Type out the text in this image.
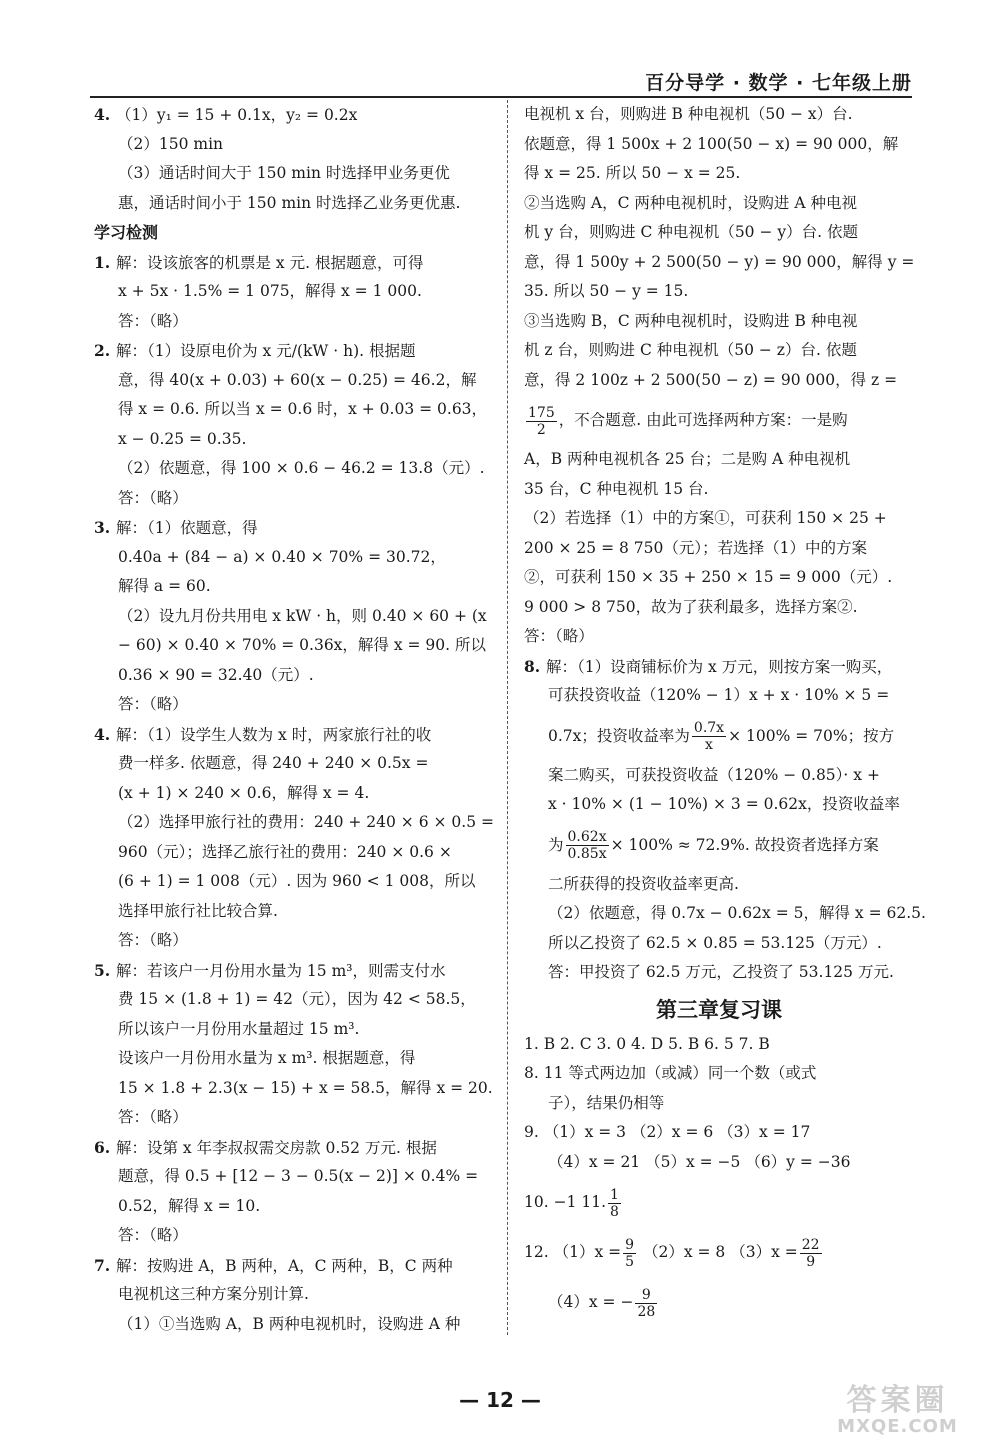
百分导学 · 数学 · 七年级上册
4. （1）y₁ = 15 + 0.1x，y₂ = 0.2x
（2）150 min
（3）通话时间大于 150 min 时选择甲业务更优
惠，通话时间小于 150 min 时选择乙业务更优惠.
学习检测
1. 解：设该旅客的机票是 x 元. 根据题意，可得
x + 5x · 1.5% = 1 075，解得 x = 1 000.
答：（略）
2. 解：（1）设原电价为 x 元/(kW · h). 根据题
意，得 40(x + 0.03) + 60(x − 0.25) = 46.2，解
得 x = 0.6. 所以当 x = 0.6 时，x + 0.03 = 0.63，
x − 0.25 = 0.35.
（2）依题意，得 100 × 0.6 − 46.2 = 13.8（元）.
答：（略）
3. 解：（1）依题意，得
0.40a + (84 − a) × 0.40 × 70% = 30.72，
解得 a = 60.
（2）设九月份共用电 x kW · h，则 0.40 × 60 + (x
− 60) × 0.40 × 70% = 0.36x，解得 x = 90. 所以
0.36 × 90 = 32.40（元）.
答：（略）
4. 解：（1）设学生人数为 x 时，两家旅行社的收
费一样多. 依题意，得 240 + 240 × 0.5x =
(x + 1) × 240 × 0.6，解得 x = 4.
（2）选择甲旅行社的费用：240 + 240 × 6 × 0.5 =
960（元）；选择乙旅行社的费用：240 × 0.6 ×
(6 + 1) = 1 008（元）. 因为 960 < 1 008，所以
选择甲旅行社比较合算.
答：（略）
5. 解：若该户一月份用水量为 15 m³，则需支付水
费 15 × (1.8 + 1) = 42（元），因为 42 < 58.5，
所以该户一月份用水量超过 15 m³.
设该户一月份用水量为 x m³. 根据题意，得
15 × 1.8 + 2.3(x − 15) + x = 58.5，解得 x = 20.
答：（略）
6. 解：设第 x 年李叔叔需交房款 0.52 万元. 根据
题意，得 0.5 + [12 − 3 − 0.5(x − 2)] × 0.4% =
0.52，解得 x = 10.
答：（略）
7. 解：按购进 A，B 两种，A，C 两种，B，C 两种
电视机这三种方案分别计算.
（1）①当选购 A，B 两种电视机时，设购进 A 种
电视机 x 台，则购进 B 种电视机（50 − x）台.
依题意，得 1 500x + 2 100(50 − x) = 90 000，解
得 x = 25. 所以 50 − x = 25.
②当选购 A，C 两种电视机时，设购进 A 种电视
机 y 台，则购进 C 种电视机（50 − y）台. 依题
意，得 1 500y + 2 500(50 − y) = 90 000，解得 y =
35. 所以 50 − y = 15.
③当选购 B，C 两种电视机时，设购进 B 种电视
机 z 台，则购进 C 种电视机（50 − z）台. 依题
意，得 2 100z + 2 500(50 − z) = 90 000，得 z =
$\frac{175}{2}$ ，不合题意. 由此可选择两种方案：一是购
A，B 两种电视机各 25 台；二是购 A 种电视机
35 台，C 种电视机 15 台.
（2）若选择（1）中的方案①，可获利 150 × 25 +
200 × 25 = 8 750（元）；若选择（1）中的方案
②，可获利 150 × 35 + 250 × 15 = 9 000（元）.
9 000 > 8 750，故为了获利最多，选择方案②.
答：（略）
8. 解：（1）设商铺标价为 x 万元，则按方案一购买，
可获投资收益（120% − 1）x + x · 10% × 5 =
0.7x；投资收益率为 $\frac{0.7x}{x} \times 100\% = 70\%$；按方
案二购买，可获投资收益（120% − 0.85）· x +
x · 10% × (1 − 10%) × 3 = 0.62x，投资收益率
为 $\frac{0.62x}{0.85x} \times 100\% \approx 72.9\%$. 故投资者选择方案
二所获得的投资收益率更高.
（2）依题意，得 0.7x − 0.62x = 5，解得 x = 62.5.
所以乙投资了 62.5 × 0.85 = 53.125（万元）.
答：甲投资了 62.5 万元，乙投资了 53.125 万元.
第三章复习课
1. B 2. C 3. 0 4. D 5. B 6. 5 7. B
8. 11 等式两边加（或减）同一个数（或式
子），结果仍相等
9. （1）x = 3 （2）x = 6 （3）x = 17
（4）x = 21 （5）x = −5 （6）y = −36
10. −1 11. $\frac{1}{8}$
12. $(1)x = \frac{9}{5} (2)x = 8$ $(3)x = \frac{22}{9}$
（4）x = − $\frac{9}{28}$
— 12 —	答案圈
MXQE.COM
